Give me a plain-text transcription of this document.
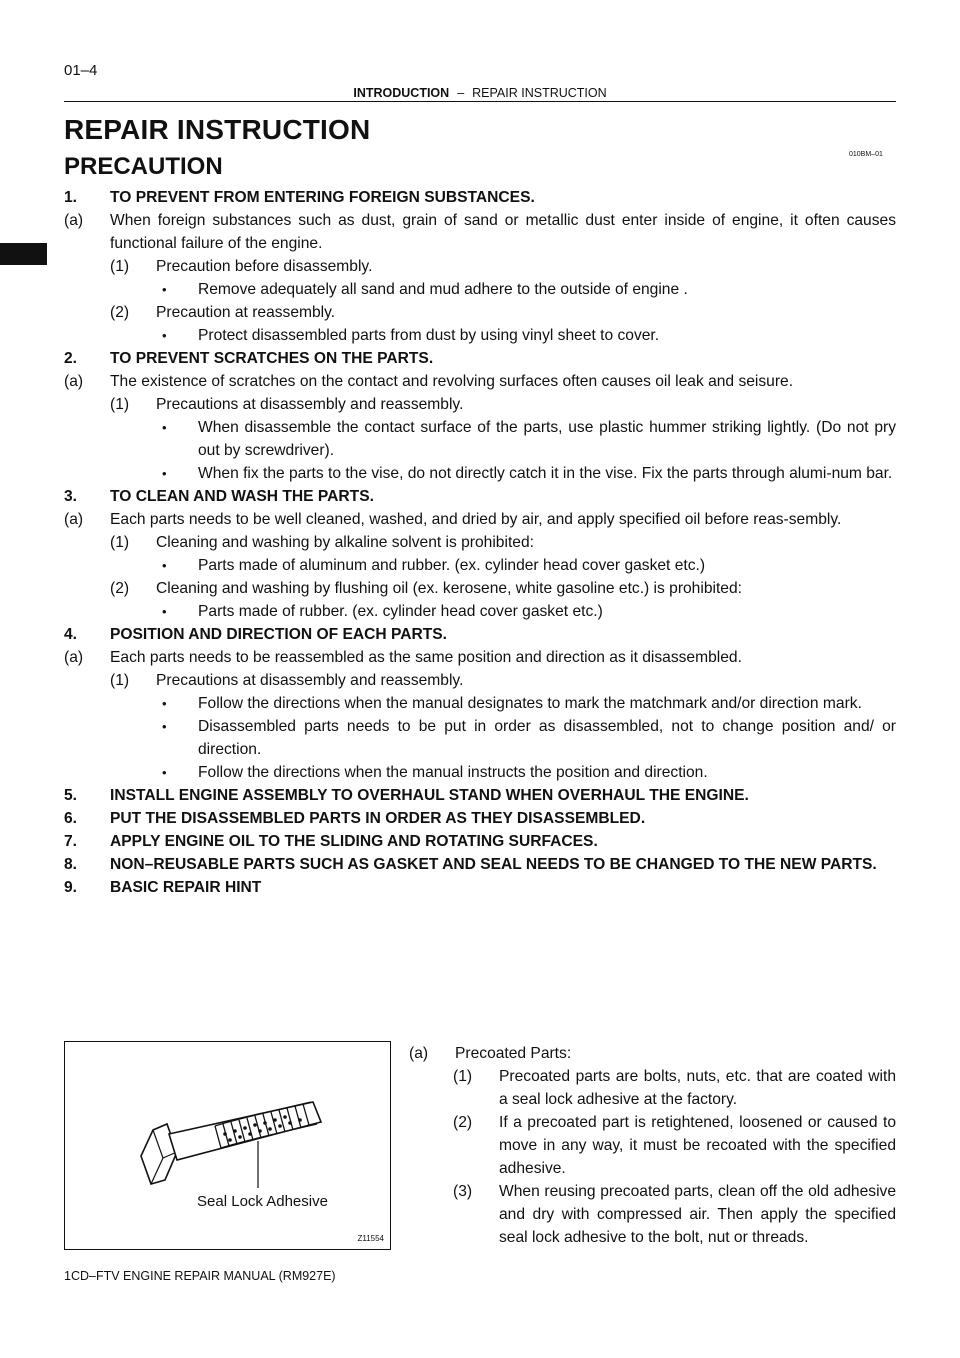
01–4
INTRODUCTION – REPAIR INSTRUCTION
REPAIR INSTRUCTION
010BM–01
PRECAUTION
1.	TO PREVENT FROM ENTERING FOREIGN SUBSTANCES.
(a)	When foreign substances such as dust, grain of sand or metallic dust enter inside of engine, it often causes functional failure of the engine.
(1)	Precaution before disassembly.
•	Remove adequately all sand and mud adhere to the outside of engine .
(2)	Precaution at reassembly.
•	Protect disassembled parts from dust by using vinyl sheet to cover.
2.	TO PREVENT SCRATCHES ON THE PARTS.
(a)	The existence of scratches on the contact and revolving surfaces often causes oil leak and seisure.
(1)	Precautions at disassembly and reassembly.
•	When disassemble the contact surface of the parts, use plastic hummer striking lightly. (Do not pry out by screwdriver).
•	When fix the parts to the vise, do not directly catch it in the vise. Fix the parts through alumi-num bar.
3.	TO CLEAN AND WASH THE PARTS.
(a)	Each parts needs to be well cleaned, washed, and dried by air, and apply specified oil before reas-sembly.
(1)	Cleaning and washing by alkaline solvent is prohibited:
•	Parts made of aluminum and rubber. (ex. cylinder head cover gasket etc.)
(2)	Cleaning and washing by flushing oil (ex. kerosene, white gasoline etc.) is prohibited:
•	Parts made of rubber. (ex. cylinder head cover gasket etc.)
4.	POSITION AND DIRECTION OF EACH PARTS.
(a)	Each parts needs to be reassembled as the same position and direction as it disassembled.
(1)	Precautions at disassembly and reassembly.
•	Follow the directions when the manual designates to mark the matchmark and/or direction mark.
•	Disassembled parts needs to be put in order as disassembled, not to change position and/ or direction.
•	Follow the directions when the manual instructs the position and direction.
5.	INSTALL ENGINE ASSEMBLY TO OVERHAUL STAND WHEN OVERHAUL THE ENGINE.
6.	PUT THE DISASSEMBLED PARTS IN ORDER AS THEY DISASSEMBLED.
7.	APPLY ENGINE OIL TO THE SLIDING AND ROTATING SURFACES.
8.	NON–REUSABLE PARTS SUCH AS GASKET AND SEAL NEEDS TO BE CHANGED TO THE NEW PARTS.
9.	BASIC REPAIR HINT
Seal Lock Adhesive
Z11554
(a)	Precoated Parts:
(1)	Precoated parts are bolts, nuts, etc. that are coated with a seal lock adhesive at the factory.
(2)	If a precoated part is retightened, loosened or caused to move in any way, it must be recoated with the specified adhesive.
(3)	When reusing precoated parts, clean off the old adhesive and dry with compressed air. Then apply the specified seal lock adhesive to the bolt, nut or threads.
1CD–FTV ENGINE REPAIR MANUAL (RM927E)
